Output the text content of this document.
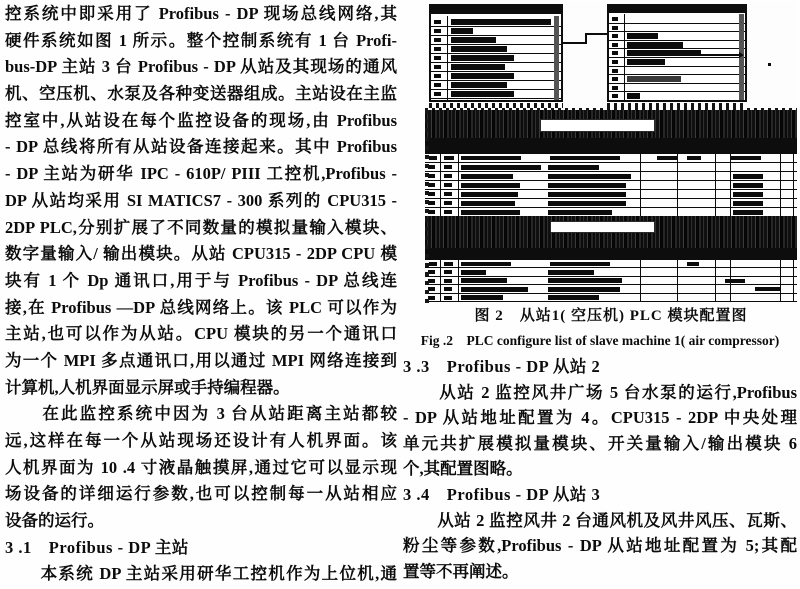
控系统中即采用了 Profibus - DP 现场总线网络,其
硬件系统如图 1 所示。整个控制系统有 1 台 Profi-
bus-DP 主站 3 台 Profibus - DP 从站及其现场的通风
机、空压机、水泵及各种变送器组成。主站设在主监
控室中,从站设在每个监控设备的现场,由 Profibus
- DP 总线将所有从站设备连接起来。其中 Profibus
- DP 主站为研华 IPC - 610P/ PIII 工控机,Profibus -
DP 从站均采用 SI MATICS7 - 300 系列的 CPU315 -
2DP PLC,分别扩展了不同数量的模拟量输入模块、
数字量输入/ 输出模块。从站 CPU315 - 2DP CPU 模
块有 1 个 Dp 通讯口,用于与 Profibus - DP 总线连
接,在 Profibus —DP 总线网络上。该 PLC 可以作为
主站,也可以作为从站。CPU 模块的另一个通讯口
为一个 MPI 多点通讯口,用以通过 MPI 网络连接到
计算机,人机界面显示屏或手持编程器。
　　在此监控系统中因为 3 台从站距离主站都较
远,这样在每一个从站现场还设计有人机界面。该
人机界面为 10 .4 寸液晶触摸屏,通过它可以显示现
场设备的详细运行参数,也可以控制每一从站相应
设备的运行。
3 .1　Profibus - DP 主站
　　本系统 DP 主站采用研华工控机作为上位机,通
图 2　从站1( 空压机) PLC 模块配置图
Fig .2　PLC configure list of slave machine 1( air compressor)
3 .3　Profibus - DP 从站 2
　　从站 2 监控风井广场 5 台水泵的运行,Profibus
- DP 从站地址配置为 4。CPU315 - 2DP 中央处理
单元共扩展模拟量模块、开关量输入/输出模块 6
个,其配置图略。
3 .4　Profibus - DP 从站 3
　　从站 2 监控风井 2 台通风机及风井风压、瓦斯、
粉尘等参数,Profibus - DP 从站地址配置为 5;其配
置等不再阐述。
